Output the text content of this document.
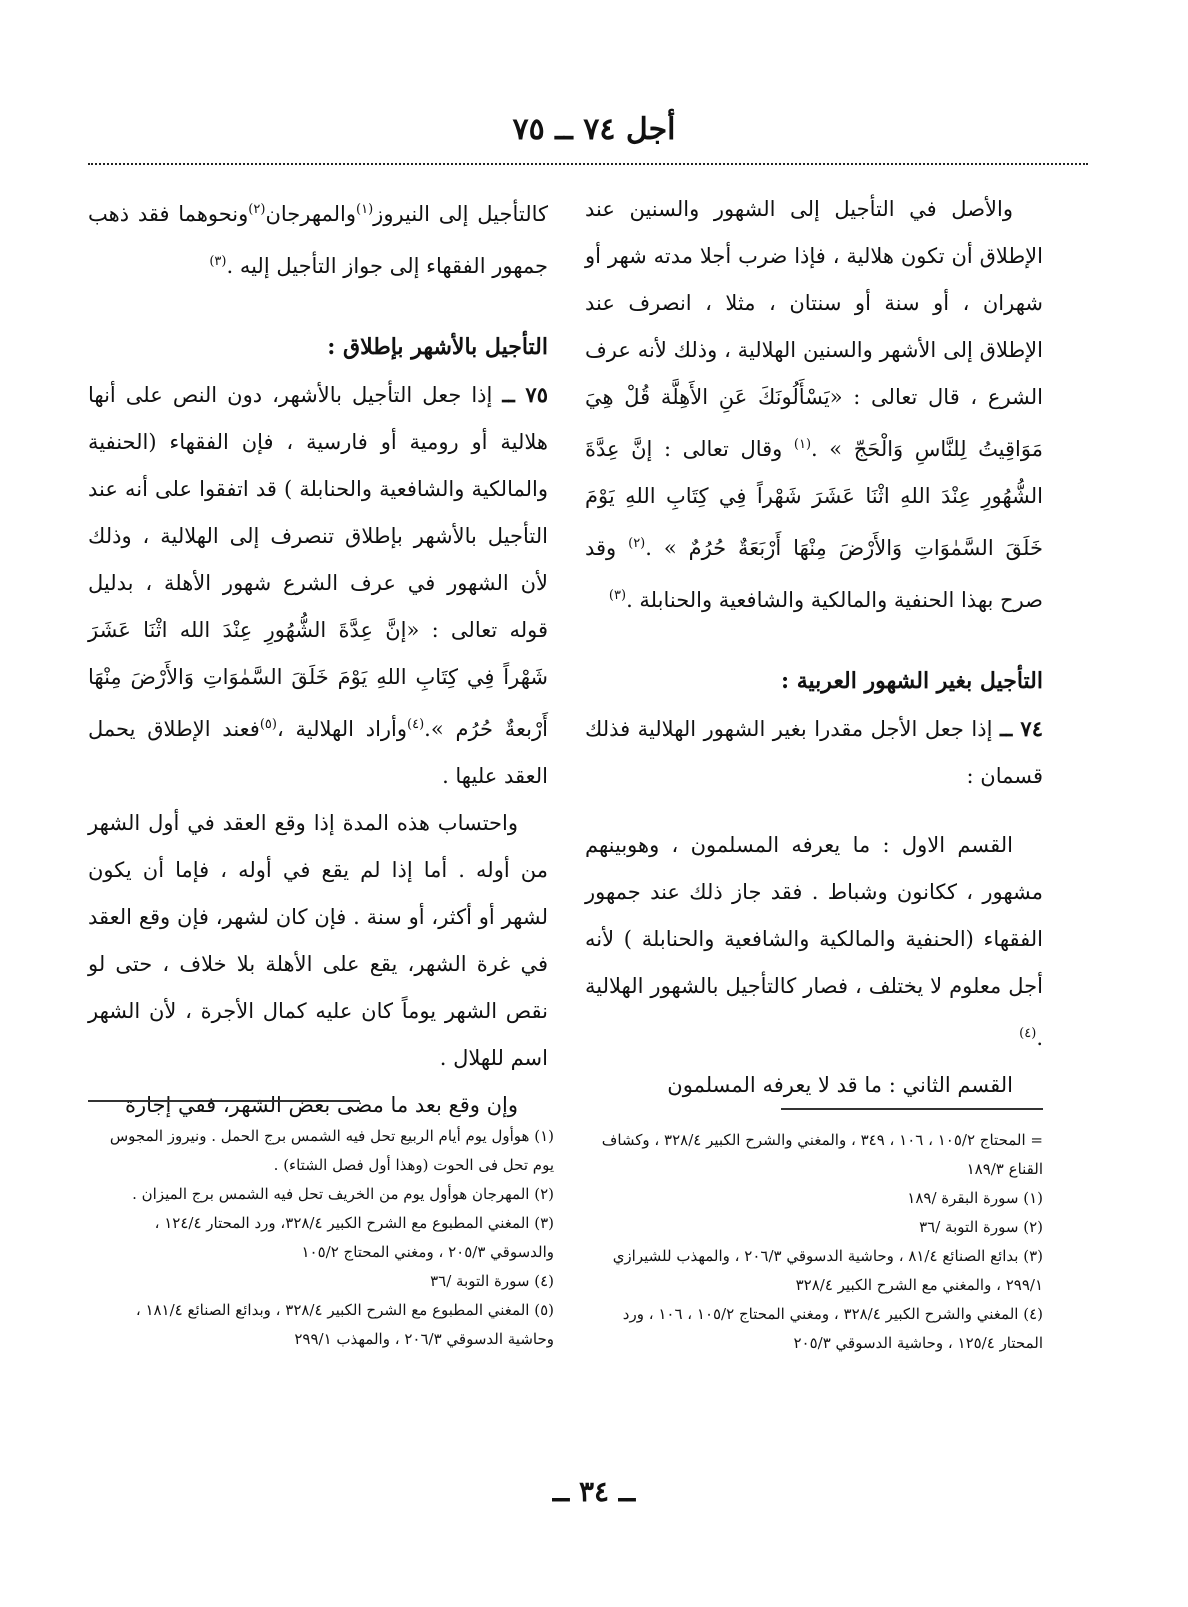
أجل ٧٤ ــ ٧٥

والأصل في التأجيل إلى الشهور والسنين عند الإطلاق أن تكون هلالية ، فإذا ضرب أجلا مدته شهر أو شهران ، أو سنة أو سنتان ، مثلا ، انصرف عند الإطلاق إلى الأشهر والسنين الهلالية ، وذلك لأنه عرف الشرع ، قال تعالى : «يَسْأَلُونَكَ عَنِ الأَهِلَّة قُلْ هِيَ مَوَاقِيتُ لِلنَّاسِ وَالْحَجّ » .$^{(١)}$ وقال تعالى : إنَّ عِدَّةَ الشُّهُورِ عِنْدَ اللهِ اثْنَا عَشَرَ شَهْراً فِي كِتَابِ اللهِ يَوْمَ خَلَقَ السَّمٰوَاتِ وَالأَرْضَ مِنْهَا أَرْبَعَةٌ حُرُمٌ » .$^{(٢)}$ وقد صرح بهذا الحنفية والمالكية والشافعية والحنابلة .$^{(٣)}$

التأجيل بغير الشهور العربية :

٧٤ ــ إذا جعل الأجل مقدرا بغير الشهور الهلالية فذلك قسمان :

القسم الاول : ما يعرفه المسلمون ، وهوبينهم مشهور ، ككانون وشباط . فقد جاز ذلك عند جمهور الفقهاء (الحنفية والمالكية والشافعية والحنابلة ) لأنه أجل معلوم لا يختلف ، فصار كالتأجيل بالشهور الهلالية .$^{(٤)}$

القسم الثاني : ما قد لا يعرفه المسلمون

كالتأجيل إلى النيروز$^{(١)}$والمهرجان$^{(٢)}$ونحوهما فقد ذهب جمهور الفقهاء إلى جواز التأجيل إليه .$^{(٣)}$

التأجيل بالأشهر بإطلاق :

٧٥ ــ إذا جعل التأجيل بالأشهر، دون النص على أنها هلالية أو رومية أو فارسية ، فإن الفقهاء (الحنفية والمالكية والشافعية والحنابلة ) قد اتفقوا على أنه عند التأجيل بالأشهر بإطلاق تنصرف إلى الهلالية ، وذلك لأن الشهور في عرف الشرع شهور الأهلة ، بدليل قوله تعالى : «إنَّ عِدَّةَ الشُّهُورِ عِنْدَ الله اثْنَا عَشَرَ شَهْراً فِي كِتَابِ اللهِ يَوْمَ خَلَقَ السَّمٰوَاتِ وَالأَرْضَ مِنْهَا أَرْبعةٌ حُرُم ».$^{(٤)}$وأراد الهلالية ،$^{(٥)}$فعند الإطلاق يحمل العقد عليها .

واحتساب هذه المدة إذا وقع العقد في أول الشهر من أوله . أما إذا لم يقع في أوله ، فإما أن يكون لشهر أو أكثر، أو سنة . فإن كان لشهر، فإن وقع العقد في غرة الشهر، يقع على الأهلة بلا خلاف ، حتى لو نقص الشهر يوماً كان عليه كمال الأجرة ، لأن الشهر اسم للهلال .

وإن وقع بعد ما مضى بعض الشهر، ففي إجارة

(١) هوأول يوم أيام الربيع تحل فيه الشمس برج الحمل . ونيروز المجوس يوم تحل فى الحوت (وهذا أول فصل الشتاء) .

(٢) المهرجان هوأول يوم من الخريف تحل فيه الشمس برج الميزان .

(٣) المغني المطبوع مع الشرح الكبير ٣٢٨/٤، ورد المحتار ١٢٤/٤ ، والدسوقي ٢٠٥/٣ ، ومغني المحتاج ١٠٥/٢

(٤) سورة التوبة /٣٦

(٥) المغني المطبوع مع الشرح الكبير ٣٢٨/٤ ، وبدائع الصنائع ١٨١/٤ ، وحاشية الدسوقي ٢٠٦/٣ ، والمهذب ٢٩٩/١

= المحتاج ١٠٥/٢ ، ١٠٦ ، ٣٤٩ ، والمغني والشرح الكبير ٣٢٨/٤ ، وكشاف القناع ١٨٩/٣

(١) سورة البقرة /١٨٩

(٢) سورة التوبة /٣٦

(٣) بدائع الصنائع ٨١/٤ ، وحاشية الدسوقي ٢٠٦/٣ ، والمهذب للشيرازي ٢٩٩/١ ، والمغني مع الشرح الكبير ٣٢٨/٤

(٤) المغني والشرح الكبير ٣٢٨/٤ ، ومغني المحتاج ١٠٥/٢ ، ١٠٦ ، ورد المحتار ١٢٥/٤ ، وحاشية الدسوقي ٢٠٥/٣

ــ ٣٤ ــ
